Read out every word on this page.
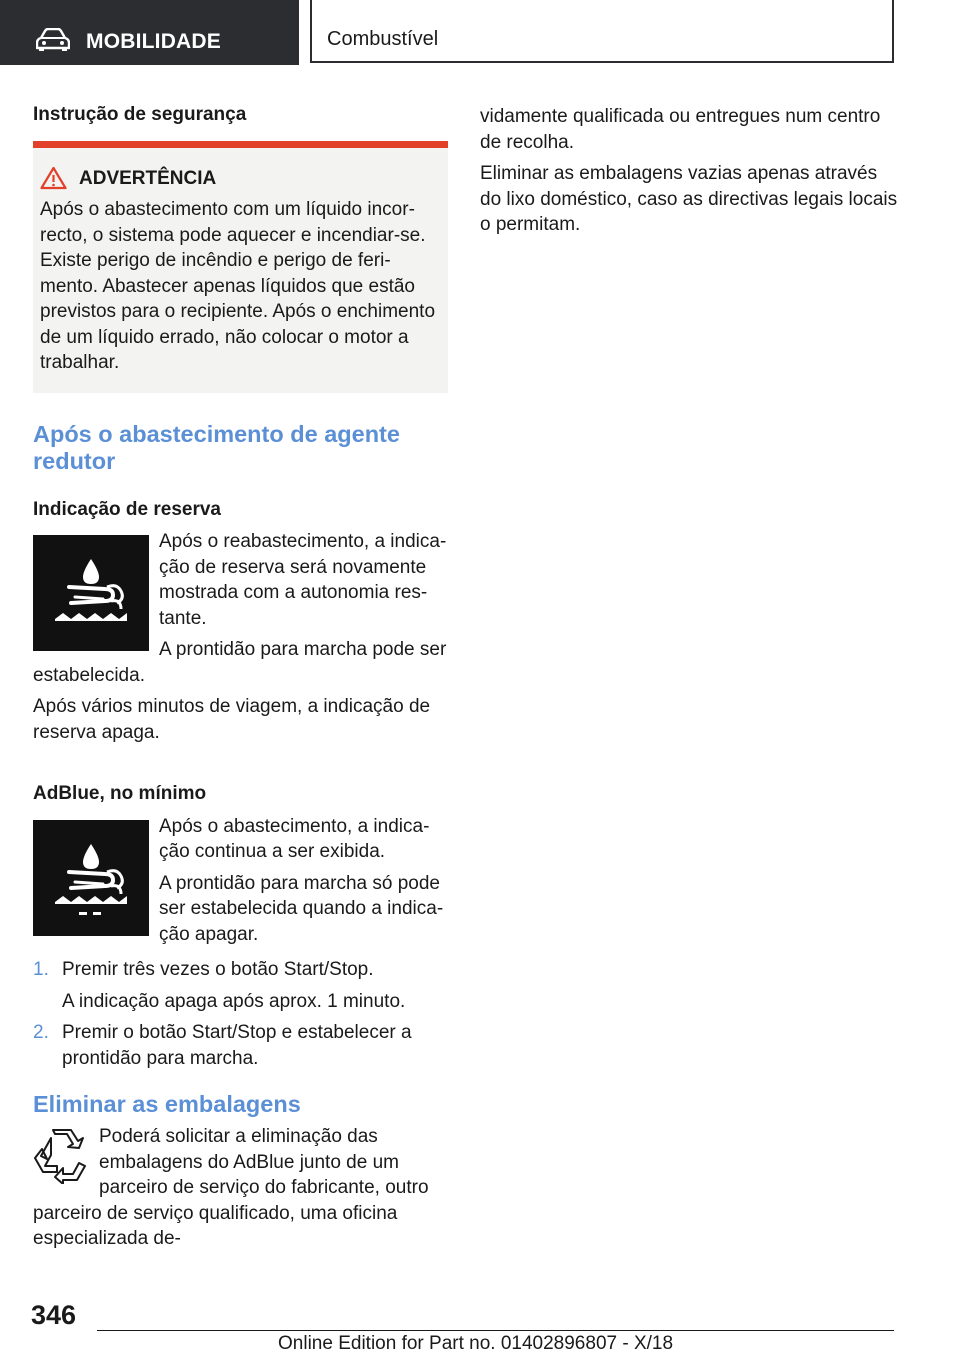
MOBILIDADE	Combustível
Instrução de segurança
ADVERTÊNCIA

Após o abastecimento com um líquido incorrecto, o sistema pode aquecer e incendiar-se. Existe perigo de incêndio e perigo de ferimento. Abastecer apenas líquidos que estão previstos para o recipiente. Após o enchimento de um líquido errado, não colocar o motor a trabalhar.

Após o abastecimento de agente redutor
Indicação de reserva

Após o reabastecimento, a indicação de reserva será novamente mostrada com a autonomia restante.

A prontidão para marcha pode ser estabelecida.

Após vários minutos de viagem, a indicação de reserva apaga.

AdBlue, no mínimo

Após o abastecimento, a indicação continua a ser exibida.

A prontidão para marcha só pode ser estabelecida quando a indicação apagar.

1. Premir três vezes o botão Start/Stop.

A indicação apaga após aprox. 1 minuto.

2. Premir o botão Start/Stop e estabelecer a prontidão para marcha.
Eliminar as embalagens

Poderá solicitar a eliminação das embalagens do AdBlue junto de um parceiro de serviço do fabricante, outro parceiro de serviço qualificado, uma oficina especializada de-

vidamente qualificada ou entregues num centro de recolha.

Eliminar as embalagens vazias apenas através do lixo doméstico, caso as directivas legais locais o permitam.

346
Online Edition for Part no. 01402896807 - X/18
